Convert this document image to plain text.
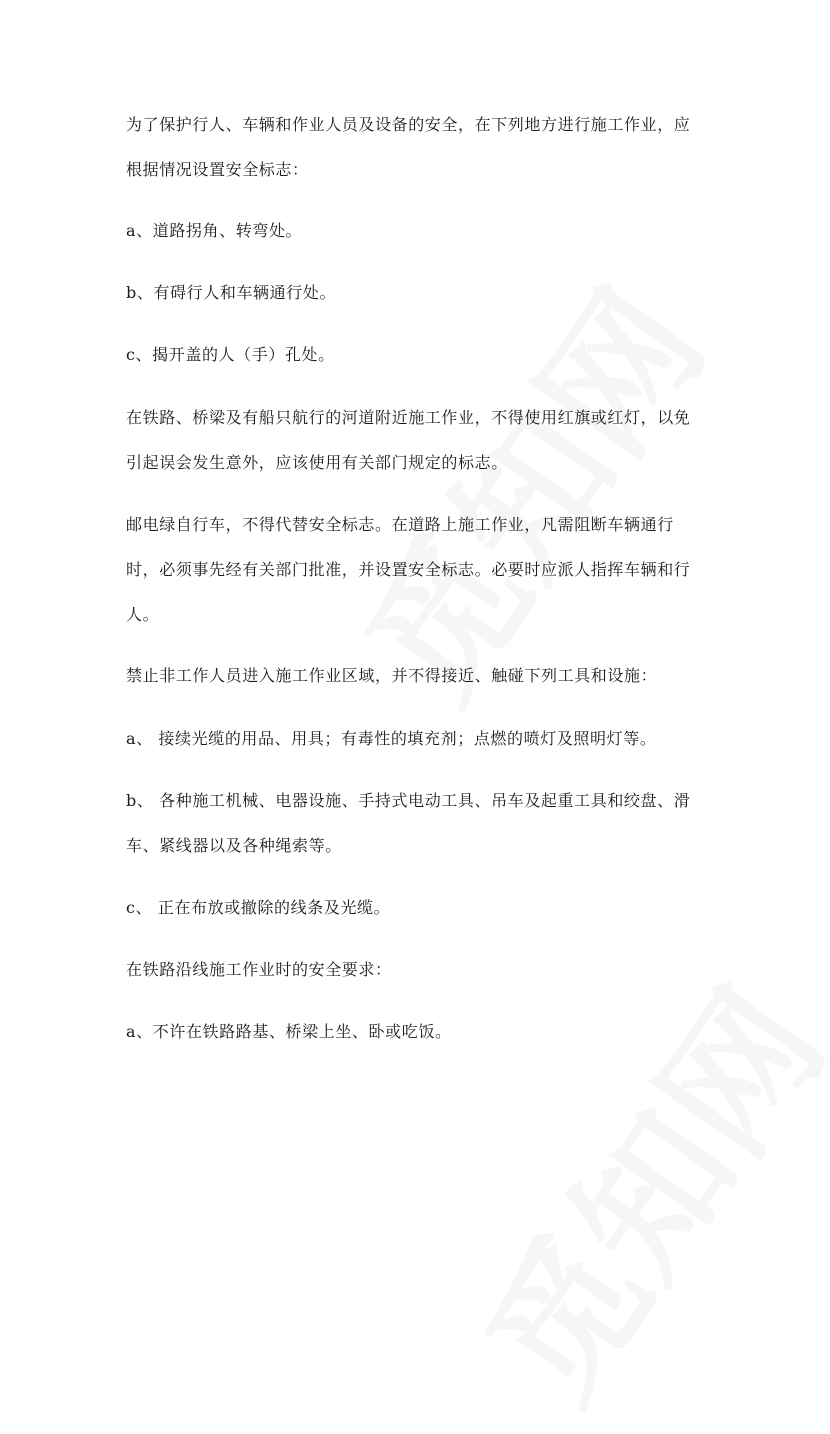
为了保护行人、车辆和作业人员及设备的安全，在下列地方进行施工作业，应

根据情况设置安全标志：

a、道路拐角、转弯处。

b、有碍行人和车辆通行处。

c、揭开盖的人（手）孔处。

在铁路、桥梁及有船只航行的河道附近施工作业，不得使用红旗或红灯，以免

引起误会发生意外，应该使用有关部门规定的标志。

邮电绿自行车，不得代替安全标志。在道路上施工作业，凡需阻断车辆通行

时，必须事先经有关部门批准，并设置安全标志。必要时应派人指挥车辆和行

人。

禁止非工作人员进入施工作业区域，并不得接近、触碰下列工具和设施：

a、 接续光缆的用品、用具；有毒性的填充剂；点燃的喷灯及照明灯等。

b、 各种施工机械、电器设施、手持式电动工具、吊车及起重工具和绞盘、滑

车、紧线器以及各种绳索等。

c、 正在布放或撤除的线条及光缆。

在铁路沿线施工作业时的安全要求：

a、不许在铁路路基、桥梁上坐、卧或吃饭。
